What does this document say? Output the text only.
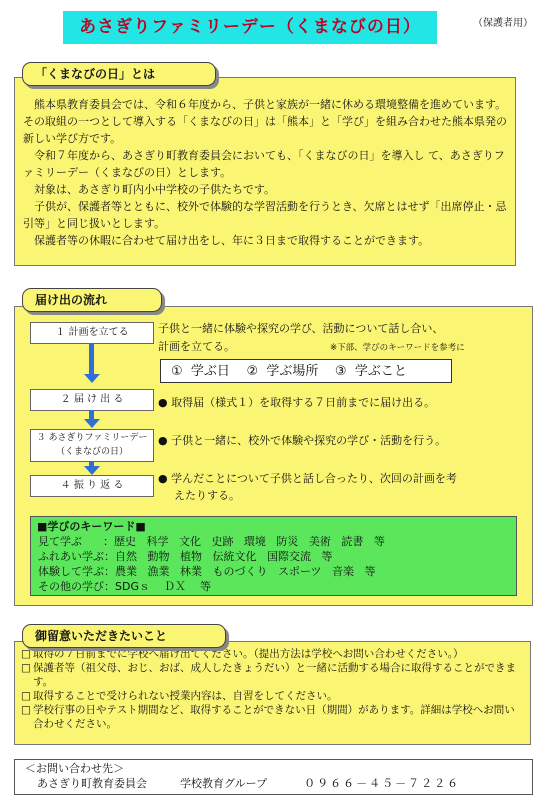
あさぎりファミリーデー（くまなびの日）	（保護者用）

熊本県教育委員会では、令和６年度から、子供と家族が一緒に休める環境整備を進めています。その取組の一つとして導入する「くまなびの日」は「熊本」と「学び」を組み合わせた熊本県発の新しい学び方です。

令和７年度から、あさぎり町教育委員会においても、「くまなびの日」を導入し て、あさぎりファミリーデー（くまなびの日）とします。

対象は、あさぎり町内小中学校の子供たちです。

子供が、保護者等とともに、校外で体験的な学習活動を行うとき、欠席とはせず「出席停止・忌引等」と同じ扱いとします。

保護者等の休暇に合わせて届け出をし、年に３日まで取得することができます。

「くまなびの日」とは
届け出の流れ
１ 計画を立てる
２ 届 け 出 る
３ あさぎりファミリーデー
（くまなびの日）
４ 振 り 返 る
子供と一緒に体験や探究の学び、活動について話し合い、
計画を立てる。	※下部、学びのキーワードを参考に
①  学ぶ日    ②  学ぶ場所    ③  学ぶこと
● 取得届（様式１）を取得する７日前までに届け出る。
● 子供と一緒に、校外で体験や探究の学び・活動を行う。
● 学んだことについて子供と話し合ったり、次回の計画を考
えたりする。
■学びのキーワード■
見て学ぶ      ：歴史   科学   文化   史跡   環境   防災   美術   読書   等
ふれあい学ぶ：自然   動物   植物   伝統文化   国際交流   等
体験して学ぶ：農業   漁業   林業   ものづくり   スポーツ   音楽   等
その他の学び：SDGｓ    ＤＸ    等
□ 取得の７日前までに学校へ届け出てください。（提出方法は学校へお問い合わせください。）
□ 保護者等（祖父母、おじ、おば、成人したきょうだい）と一緒に活動する場合に取得することができます。
□ 取得することで受けられない授業内容は、自習をしてください。
□ 学校行事の日やテスト期間など、取得することができない日（期間）があります。詳細は学校へお問い合わせください。
御留意いただきたいこと
＜お問い合わせ先＞
あさぎり町教育委員会	学校教育グループ	０９６６－４５－７２２６
